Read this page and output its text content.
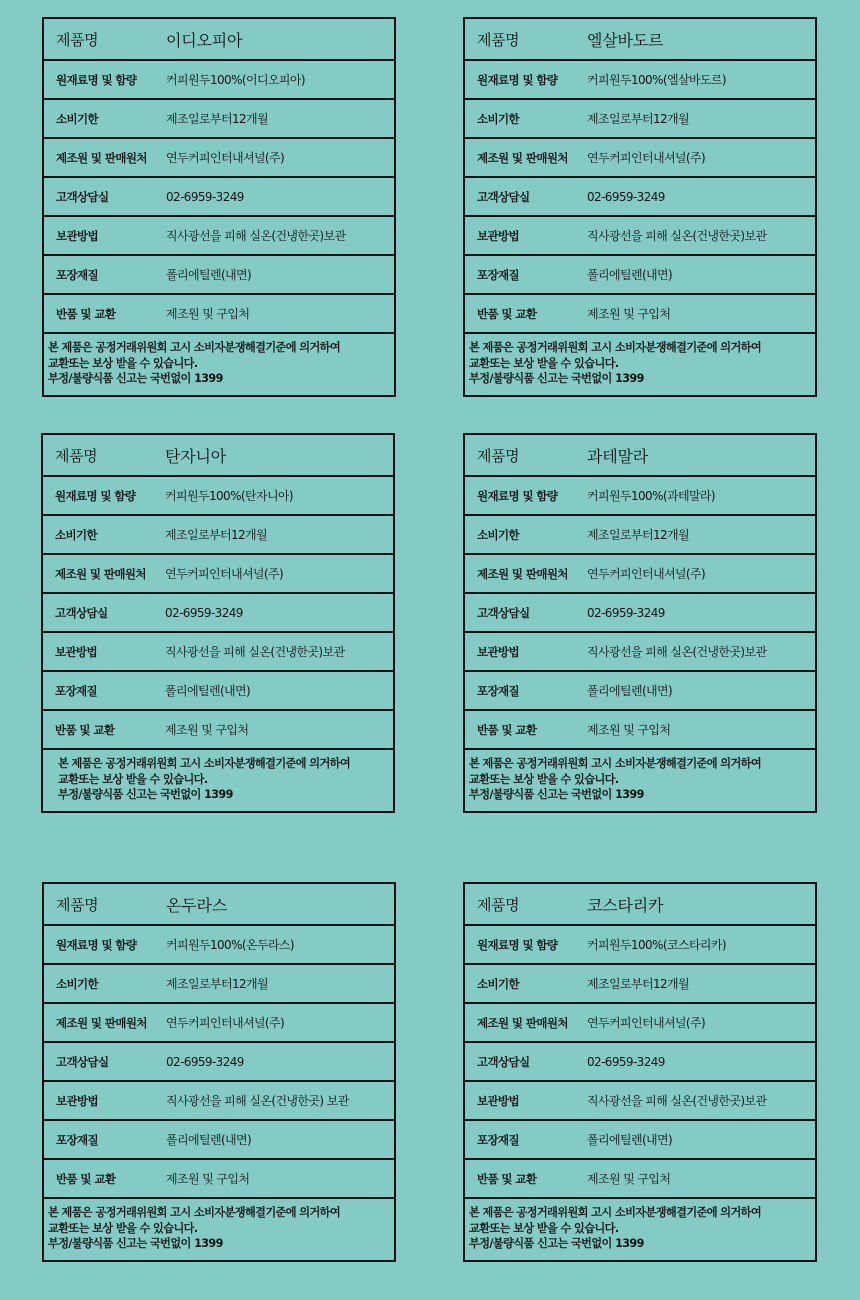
제품명	이디오피아
원재료명 및 함량	커피원두100%(이디오피아)
소비기한	제조일로부터12개월
제조원 및 판매원처	연두커피인터내셔널(주)
고객상담실	02-6959-3249
보관방법	직사광선을 피해 실온(건냉한곳)보관
포장재질	폴리에틸렌(내면)
반품 및 교환	제조원 및 구입처
본 제품은 공정거래위원회 고시 소비자분쟁해결기준에 의거하여
교환또는 보상 받을 수 있습니다.
부정/불량식품 신고는 국번없이 1399
제품명	엘살바도르
원재료명 및 함량	커피원두100%(엘살바도르)
소비기한	제조일로부터12개월
제조원 및 판매원처	연두커피인터내셔널(주)
고객상담실	02-6959-3249
보관방법	직사광선을 피해 실온(건냉한곳)보관
포장재질	폴리에틸렌(내면)
반품 및 교환	제조원 및 구입처
본 제품은 공정거래위원회 고시 소비자분쟁해결기준에 의거하여
교환또는 보상 받을 수 있습니다.
부정/불량식품 신고는 국번없이 1399
제품명	탄자니아
원재료명 및 함량	커피원두100%(탄자니아)
소비기한	제조일로부터12개월
제조원 및 판매원처	연두커피인터내셔널(주)
고객상담실	02-6959-3249
보관방법	직사광선을 피해 실온(건냉한곳)보관
포장재질	폴리에틸렌(내면)
반품 및 교환	제조원 및 구입처
본 제품은 공정거래위원회 고시 소비자분쟁해결기준에 의거하여
교환또는 보상 받을 수 있습니다.
부정/불량식품 신고는 국번없이 1399
제품명	과테말라
원재료명 및 함량	커피원두100%(과테말라)
소비기한	제조일로부터12개월
제조원 및 판매원처	연두커피인터내셔널(주)
고객상담실	02-6959-3249
보관방법	직사광선을 피해 실온(건냉한곳)보관
포장재질	폴리에틸렌(내면)
반품 및 교환	제조원 및 구입처
본 제품은 공정거래위원회 고시 소비자분쟁해결기준에 의거하여
교환또는 보상 받을 수 있습니다.
부정/불량식품 신고는 국번없이 1399
제품명	온두라스
원재료명 및 함량	커피원두100%(온두라스)
소비기한	제조일로부터12개월
제조원 및 판매원처	연두커피인터내셔널(주)
고객상담실	02-6959-3249
보관방법	직사광선을 피해 실온(건냉한곳) 보관
포장재질	폴리에틸렌(내면)
반품 및 교환	제조원 및 구입처
본 제품은 공정거래위원회 고시 소비자분쟁해결기준에 의거하여
교환또는 보상 받을 수 있습니다.
부정/불량식품 신고는 국번없이 1399
제품명	코스타리카
원재료명 및 함량	커피원두100%(코스타리카)
소비기한	제조일로부터12개월
제조원 및 판매원처	연두커피인터내셔널(주)
고객상담실	02-6959-3249
보관방법	직사광선을 피해 실온(건냉한곳)보관
포장재질	폴리에틸렌(내면)
반품 및 교환	제조원 및 구입처
본 제품은 공정거래위원회 고시 소비자분쟁해결기준에 의거하여
교환또는 보상 받을 수 있습니다.
부정/불량식품 신고는 국번없이 1399
